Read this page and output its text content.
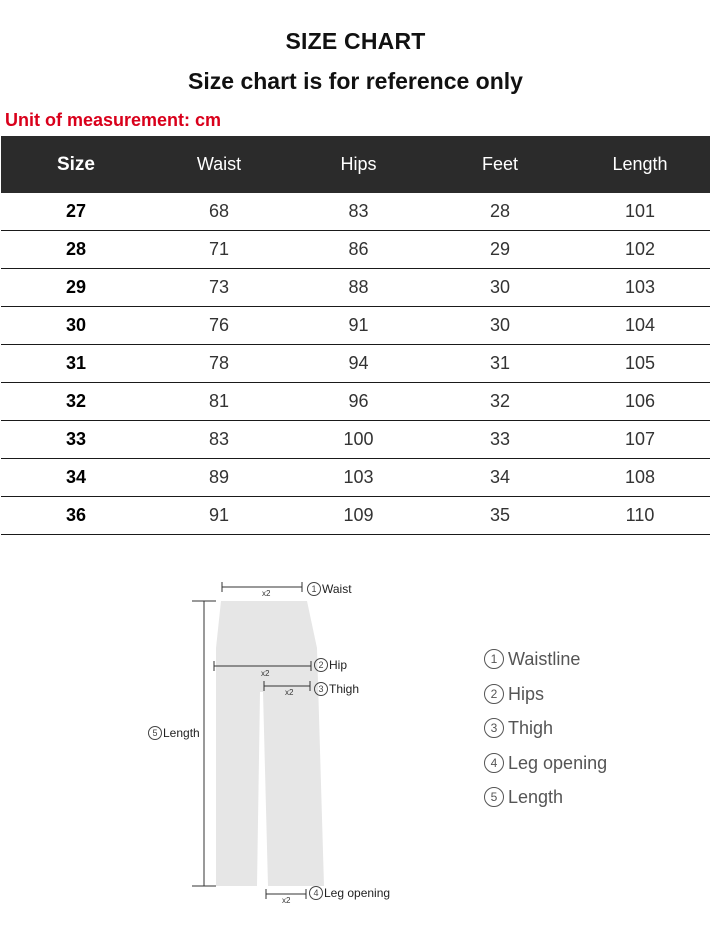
SIZE CHART
Size chart is for reference only
Unit of measurement: cm
Size	Waist	Hips	Feet	Length
27	68	83	28	101
28	71	86	29	102
29	73	88	30	103
30	76	91	30	104
31	78	94	31	105
32	81	96	32	106
33	83	100	33	107
34	89	103	34	108
36	91	109	35	110
x2
x2
x2
x2
1 Waist
2 Hip
3 Thigh
5 Length
4 Leg opening
1 Waistline
2 Hips
3 Thigh
4 Leg opening
5 Length
